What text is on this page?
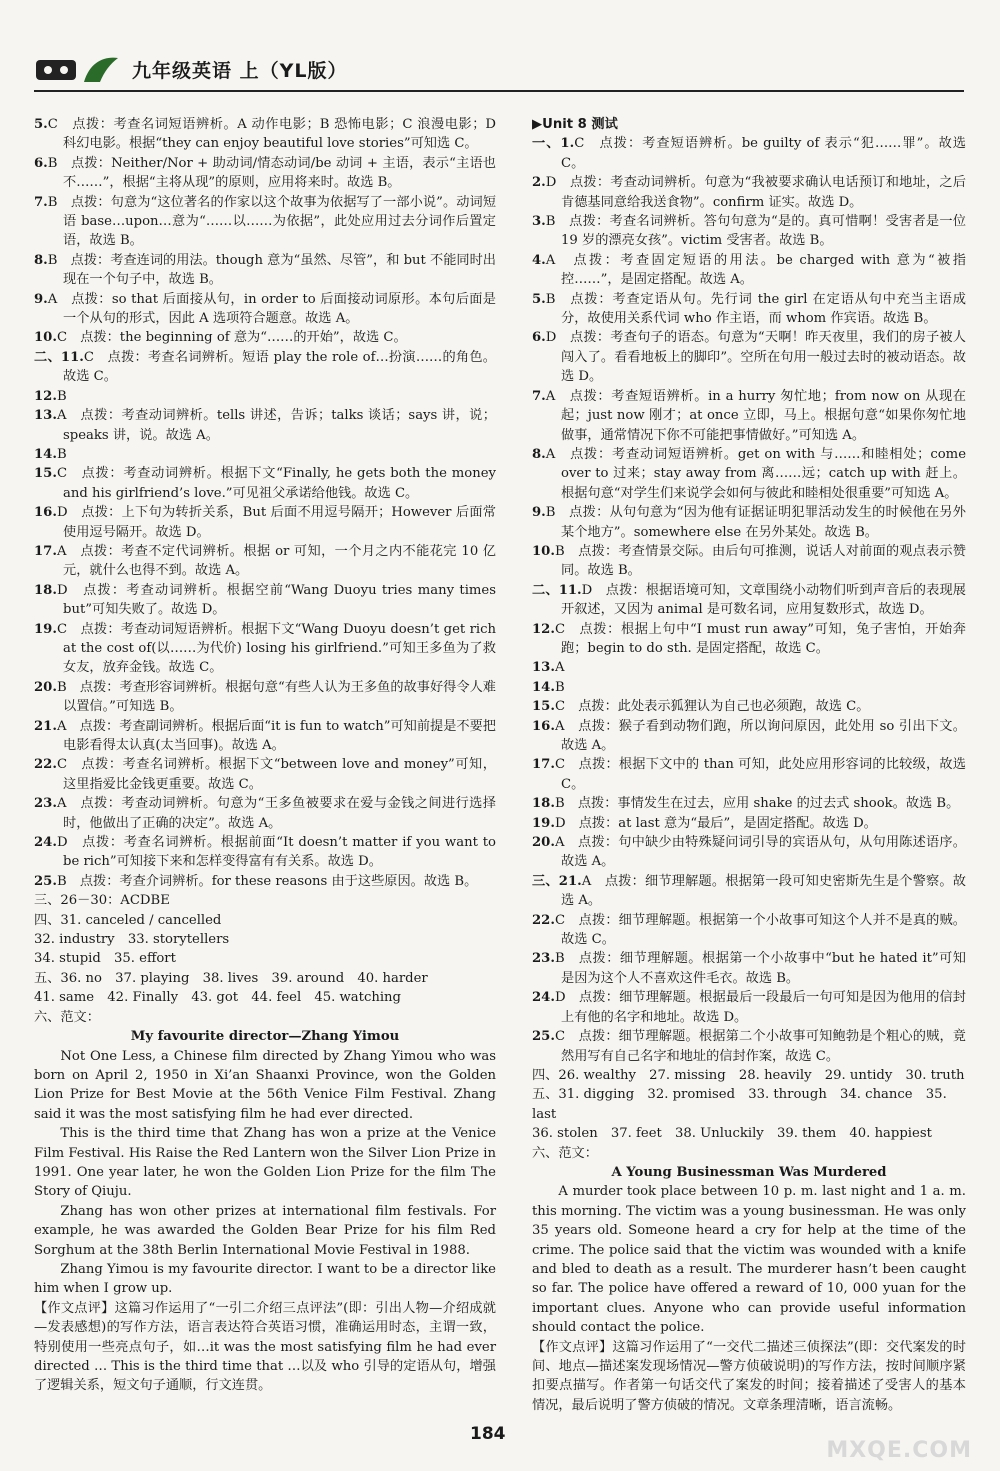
九年级英语 上（YL版）
5.C　点拨：考查名词短语辨析。A 动作电影；B 恐怖电影；C 浪漫电影；D 科幻电影。根据“they can enjoy beautiful love stories”可知选 C。
6.B　点拨：Neither/Nor + 助动词/情态动词/be 动词 + 主语，表示“主语也不……”，根据“主将从现”的原则，应用将来时。故选 B。
7.B　点拨：句意为“这位著名的作家以这个故事为依据写了一部小说”。动词短语 base…upon…意为“……以……为依据”，此处应用过去分词作后置定语，故选 B。
8.B　点拨：考查连词的用法。though 意为“虽然、尽管”，和 but 不能同时出现在一个句子中，故选 B。
9.A　点拨：so that 后面接从句，in order to 后面接动词原形。本句后面是一个从句的形式，因此 A 选项符合题意。故选 A。
10.C　点拨：the beginning of 意为“……的开始”，故选 C。
二、11.C　点拨：考查名词辨析。短语 play the role of…扮演……的角色。故选 C。
12.B
13.A　点拨：考查动词辨析。tells 讲述，告诉；talks 谈话；says 讲，说；speaks 讲，说。故选 A。
14.B
15.C　点拨：考查动词辨析。根据下文“Finally, he gets both the money and his girlfriend’s love.”可见祖父承诺给他钱。故选 C。
16.D　点拨：上下句为转折关系，But 后面不用逗号隔开；However 后面常使用逗号隔开。故选 D。
17.A　点拨：考查不定代词辨析。根据 or 可知，一个月之内不能花完 10 亿元，就什么也得不到。故选 A。
18.D　点拨：考查动词辨析。根据空前“Wang Duoyu tries many times but”可知失败了。故选 D。
19.C　点拨：考查动词短语辨析。根据下文“Wang Duoyu doesn’t get rich at the cost of(以……为代价) losing his girlfriend.”可知王多鱼为了救女友，放弃金钱。故选 C。
20.B　点拨：考查形容词辨析。根据句意“有些人认为王多鱼的故事好得令人难以置信。”可知选 B。
21.A　点拨：考查副词辨析。根据后面“it is fun to watch”可知前提是不要把电影看得太认真(太当回事)。故选 A。
22.C　点拨：考查名词辨析。根据下文“between love and money”可知，这里指爱比金钱更重要。故选 C。
23.A　点拨：考查动词辨析。句意为“王多鱼被要求在爱与金钱之间进行选择时，他做出了正确的决定”。故选 A。
24.D　点拨：考查名词辨析。根据前面“It doesn’t matter if you want to be rich”可知接下来和怎样变得富有有关系。故选 D。
25.B　点拨：考查介词辨析。for these reasons 由于这些原因。故选 B。
三、26－30：ACDBE
四、31. canceled / cancelled
32. industry　33. storytellers
34. stupid　35. effort
五、36. no　37. playing　38. lives　39. around　40. harder
41. same　42. Finally　43. got　44. feel　45. watching
六、范文：
My favourite director—Zhang Yimou
Not One Less, a Chinese film directed by Zhang Yimou who was born on April 2, 1950 in Xi’an Shaanxi Province, won the Golden Lion Prize for Best Movie at the 56th Venice Film Festival. Zhang said it was the most satisfying film he had ever directed.
This is the third time that Zhang has won a prize at the Venice Film Festival. His Raise the Red Lantern won the Silver Lion Prize in 1991. One year later, he won the Golden Lion Prize for the film The Story of Qiuju.
Zhang has won other prizes at international film festivals. For example, he was awarded the Golden Bear Prize for his film Red Sorghum at the 38th Berlin International Movie Festival in 1988.
Zhang Yimou is my favourite director. I want to be a director like him when I grow up.
【作文点评】这篇习作运用了“一引二介绍三点评法”(即：引出人物—介绍成就—发表感想)的写作方法，语言表达符合英语习惯，准确运用时态，主谓一致，特别使用一些亮点句子，如…it was the most satisfying film he had ever directed … This is the third time that …以及 who 引导的定语从句，增强了逻辑关系，短文句子通顺，行文连贯。
▶Unit 8 测试
一、1.C　点拨：考查短语辨析。be guilty of 表示“犯……罪”。故选 C。
2.D　点拨：考查动词辨析。句意为“我被要求确认电话预订和地址，之后肯德基同意给我送食物”。confirm 证实。故选 D。
3.B　点拨：考查名词辨析。答句句意为“是的。真可惜啊！受害者是一位 19 岁的漂亮女孩”。victim 受害者。故选 B。
4.A　点拨：考查固定短语的用法。be charged with 意为“被指控……”，是固定搭配。故选 A。
5.B　点拨：考查定语从句。先行词 the girl 在定语从句中充当主语成分，故使用关系代词 who 作主语，而 whom 作宾语。故选 B。
6.D　点拨：考查句子的语态。句意为“天啊！昨天夜里，我们的房子被人闯入了。看看地板上的脚印”。空所在句用一般过去时的被动语态。故选 D。
7.A　点拨：考查短语辨析。in a hurry 匆忙地；from now on 从现在起；just now 刚才；at once 立即，马上。根据句意“如果你匆忙地做事，通常情况下你不可能把事情做好。”可知选 A。
8.A　点拨：考查动词短语辨析。get on with 与……和睦相处；come over to 过来；stay away from 离……远；catch up with 赶上。根据句意“对学生们来说学会如何与彼此和睦相处很重要”可知选 A。
9.B　点拨：从句句意为“因为他有证据证明犯罪活动发生的时候他在另外某个地方”。somewhere else 在另外某处。故选 B。
10.B　点拨：考查情景交际。由后句可推测，说话人对前面的观点表示赞同。故选 B。
二、11.D　点拨：根据语境可知，文章围绕小动物们听到声音后的表现展开叙述，又因为 animal 是可数名词，应用复数形式，故选 D。
12.C　点拨：根据上句中“I must run away”可知，兔子害怕，开始奔跑；begin to do sth. 是固定搭配，故选 C。
13.A
14.B
15.C　点拨：此处表示狐狸认为自己也必须跑，故选 C。
16.A　点拨：猴子看到动物们跑，所以询问原因，此处用 so 引出下文。故选 A。
17.C　点拨：根据下文中的 than 可知，此处应用形容词的比较级，故选 C。
18.B　点拨：事情发生在过去，应用 shake 的过去式 shook。故选 B。
19.D　点拨：at last 意为“最后”，是固定搭配。故选 D。
20.A　点拨：句中缺少由特殊疑问词引导的宾语从句，从句用陈述语序。故选 A。
三、21.A　点拨：细节理解题。根据第一段可知史密斯先生是个警察。故选 A。
22.C　点拨：细节理解题。根据第一个小故事可知这个人并不是真的贼。故选 C。
23.B　点拨：细节理解题。根据第一个小故事中“but he hated it”可知是因为这个人不喜欢这件毛衣。故选 B。
24.D　点拨：细节理解题。根据最后一段最后一句可知是因为他用的信封上有他的名字和地址。故选 D。
25.C　点拨：细节理解题。根据第二个小故事可知鲍勃是个粗心的贼，竟然用写有自己名字和地址的信封作案，故选 C。
四、26. wealthy　27. missing　28. heavily　29. untidy　30. truth
五、31. digging　32. promised　33. through　34. chance　35. last
36. stolen　37. feet　38. Unluckily　39. them　40. happiest
六、范文：
A Young Businessman Was Murdered
A murder took place between 10 p. m. last night and 1 a. m. this morning. The victim was a young businessman. He was only 35 years old. Someone heard a cry for help at the time of the crime. The police said that the victim was wounded with a knife and bled to death as a result. The murderer hasn’t been caught so far. The police have offered a reward of 10, 000 yuan for the important clues. Anyone who can provide useful information should contact the police.
【作文点评】这篇习作运用了“一交代二描述三侦探法”(即：交代案发的时间、地点—描述案发现场情况—警方侦破说明)的写作方法，按时间顺序紧扣要点描写。作者第一句话交代了案发的时间；接着描述了受害人的基本情况，最后说明了警方侦破的情况。文章条理清晰，语言流畅。
184
MXQE.COM
